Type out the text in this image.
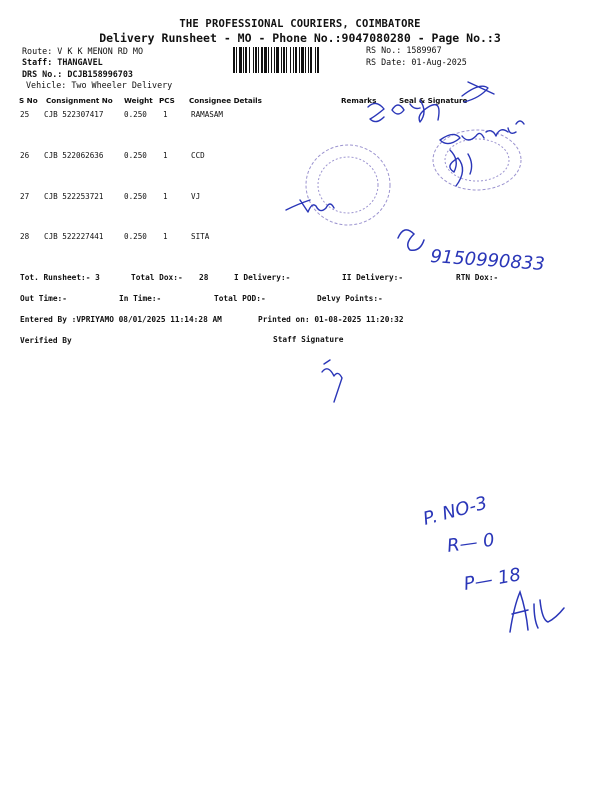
THE PROFESSIONAL COURIERS, COIMBATORE
Delivery Runsheet - MO - Phone No.:9047080280 - Page No.:3
Route: V K K MENON RD MO
Staff: THANGAVEL
DRS No.: DCJB158996703
Vehicle: Two Wheeler Delivery
RS No.: 1589967
RS Date: 01-Aug-2025
S No Consignment No Weight PCS Consignee Details	Remarks	Seal & Signature
25 CJB 522307417	0.250 1	RAMASAM
26 CJB 522062636	0.250 1	CCD
27 CJB 522253721	0.250 1	VJ
28 CJB 522227441	0.250 1	SITA
Tot. Runsheet:- 3	Total Dox:- 28	I Delivery:-	II Delivery:-	RTN Dox:-
Out Time:-	In Time:-	Total POD:-	Delvy Points:-
Entered By :VPRIYAMO 08/01/2025 11:14:28 AM	Printed on: 01-08-2025 11:20:32
Verified By	Staff Signature
9150990833
P. NO-3
R— 0
P— 18
